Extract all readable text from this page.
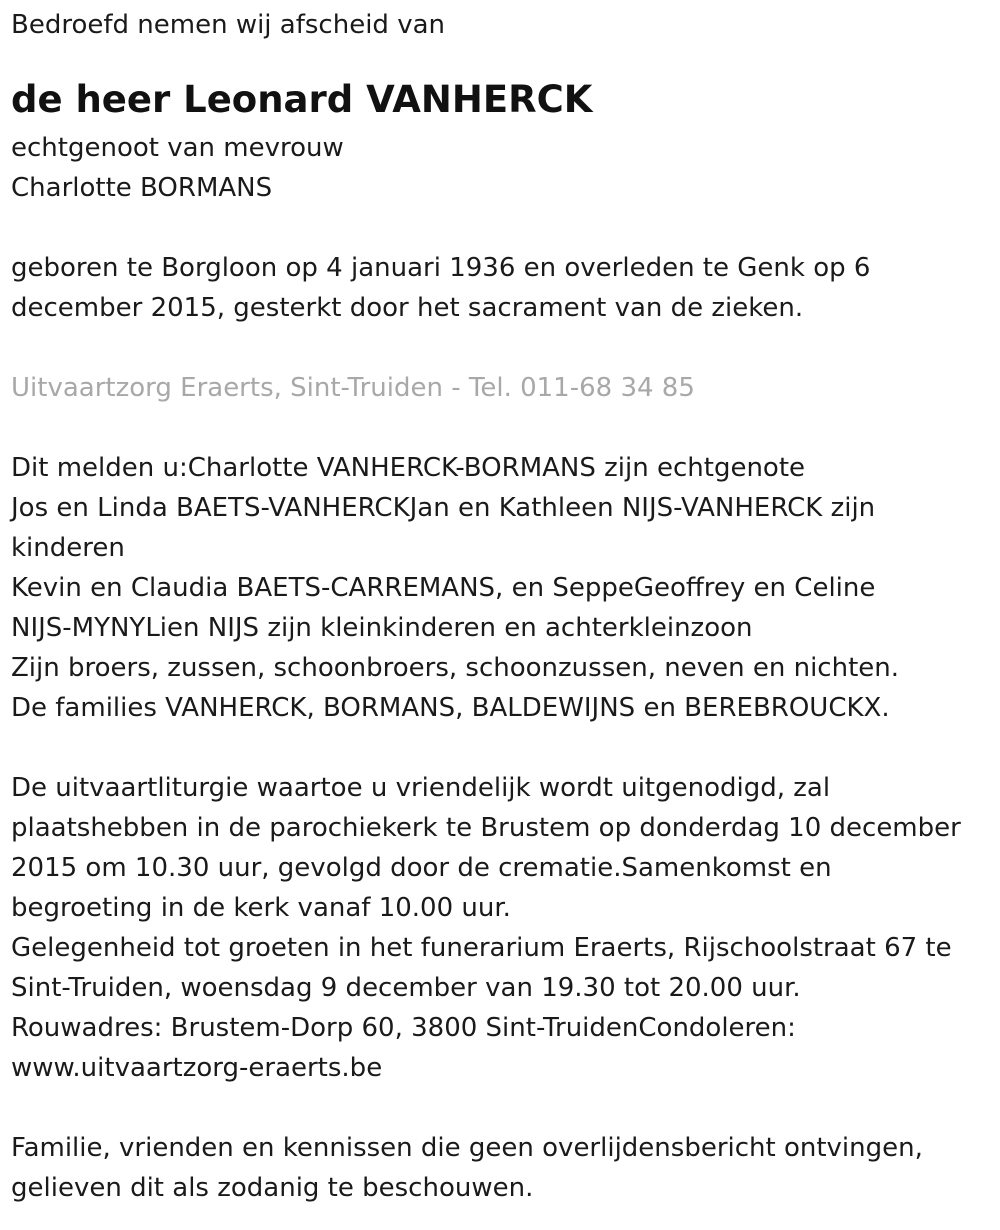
Bedroefd nemen wij afscheid van
de heer Leonard VANHERCK
echtgenoot van mevrouw
Charlotte BORMANS
geboren te Borgloon op 4 januari 1936 en overleden te Genk op 6
december 2015, gesterkt door het sacrament van de zieken.
Uitvaartzorg Eraerts, Sint-Truiden - Tel. 011-68 34 85
Dit melden u:Charlotte VANHERCK-BORMANS zijn echtgenote
Jos en Linda BAETS-VANHERCKJan en Kathleen NIJS-VANHERCK zijn
kinderen
Kevin en Claudia BAETS-CARREMANS, en SeppeGeoffrey en Celine
NIJS-MYNYLien NIJS zijn kleinkinderen en achterkleinzoon
Zijn broers, zussen, schoonbroers, schoonzussen, neven en nichten.
De families VANHERCK, BORMANS, BALDEWIJNS en BEREBROUCKX.
De uitvaartliturgie waartoe u vriendelijk wordt uitgenodigd, zal
plaatshebben in de parochiekerk te Brustem op donderdag 10 december
2015 om 10.30 uur, gevolgd door de crematie.Samenkomst en
begroeting in de kerk vanaf 10.00 uur.
Gelegenheid tot groeten in het funerarium Eraerts, Rijschoolstraat 67 te
Sint-Truiden, woensdag 9 december van 19.30 tot 20.00 uur.
Rouwadres: Brustem-Dorp 60, 3800 Sint-TruidenCondoleren:
www.uitvaartzorg-eraerts.be
Familie, vrienden en kennissen die geen overlijdensbericht ontvingen,
gelieven dit als zodanig te beschouwen.
